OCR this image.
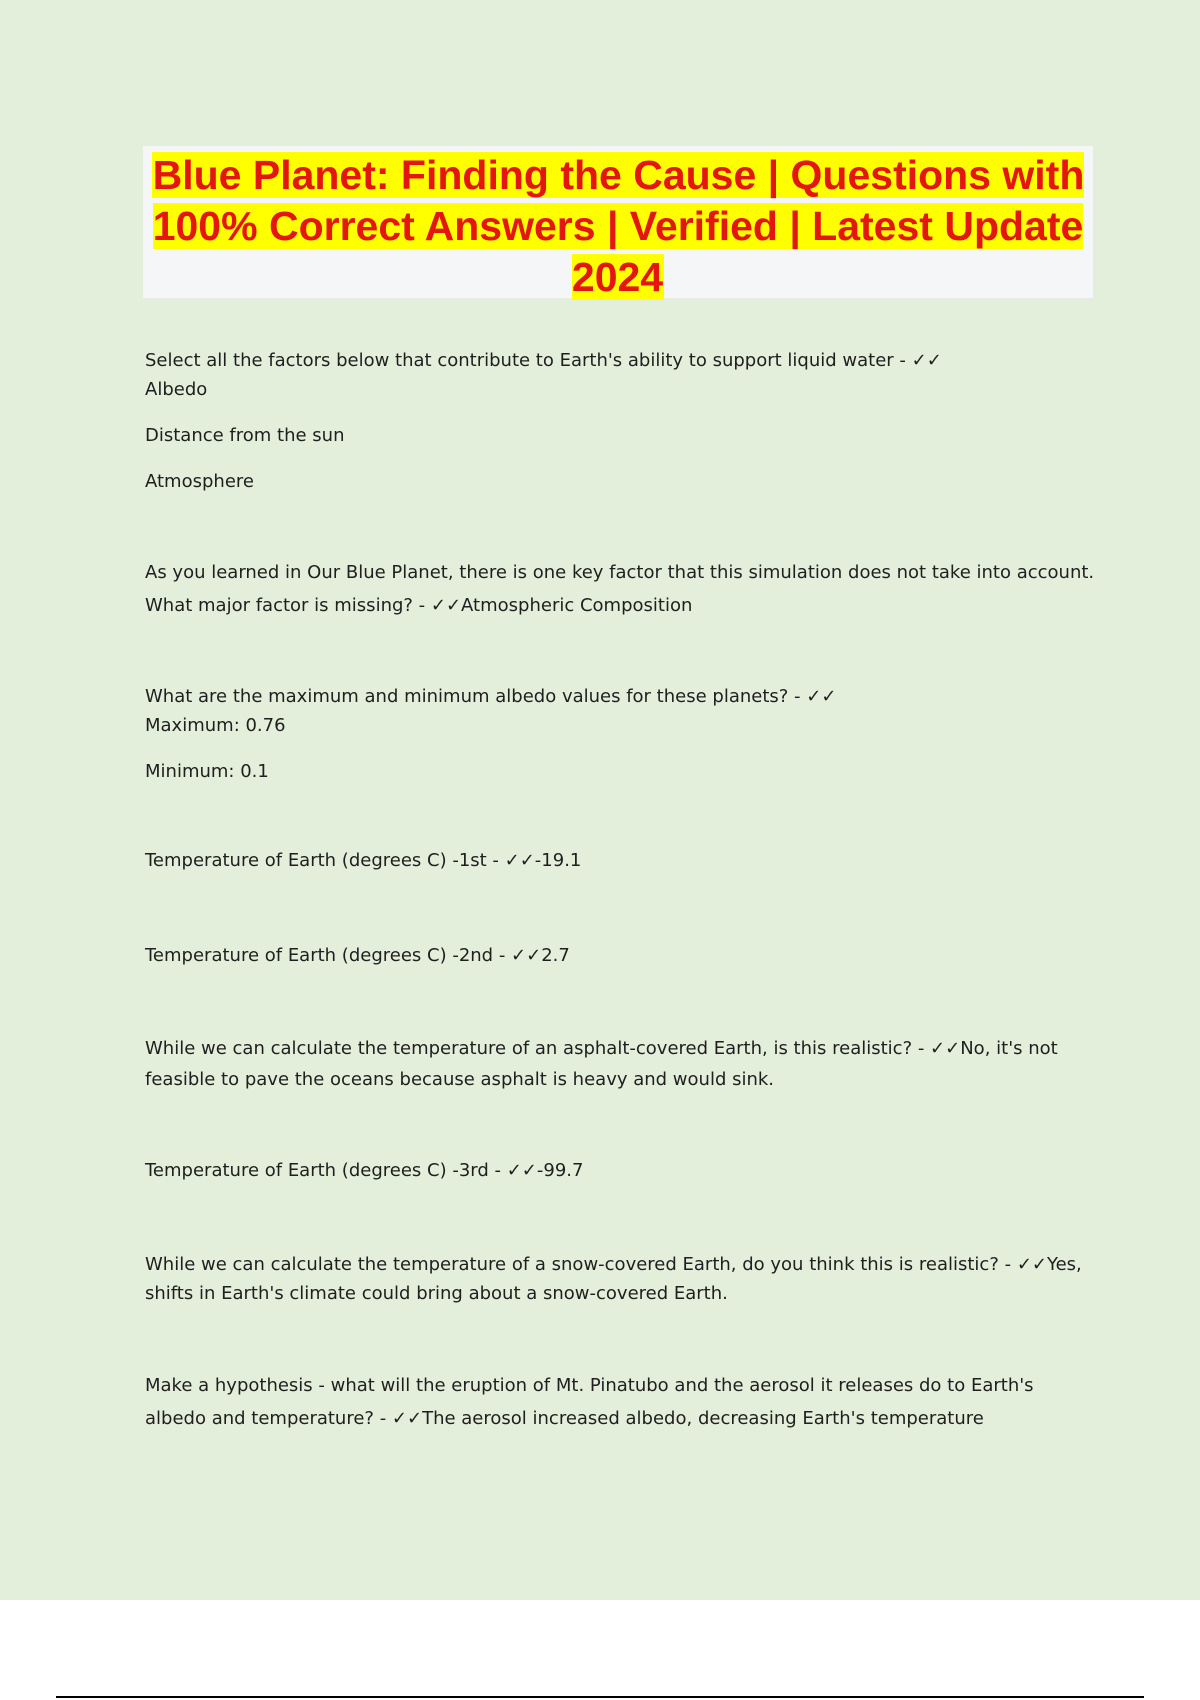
Blue Planet: Finding the Cause | Questions with 100% Correct Answers | Verified | Latest Update 2024
Select all the factors below that contribute to Earth's ability to support liquid water - ✓✓
Albedo
Distance from the sun
Atmosphere
As you learned in Our Blue Planet, there is one key factor that this simulation does not take into account. What major factor is missing? - ✓✓Atmospheric Composition
What are the maximum and minimum albedo values for these planets? - ✓✓
Maximum: 0.76
Minimum: 0.1
Temperature of Earth (degrees C) -1st - ✓✓-19.1
Temperature of Earth (degrees C) -2nd - ✓✓2.7
While we can calculate the temperature of an asphalt-covered Earth, is this realistic? - ✓✓No, it's not feasible to pave the oceans because asphalt is heavy and would sink.
Temperature of Earth (degrees C) -3rd - ✓✓-99.7
While we can calculate the temperature of a snow-covered Earth, do you think this is realistic? - ✓✓Yes, shifts in Earth's climate could bring about a snow-covered Earth.
Make a hypothesis - what will the eruption of Mt. Pinatubo and the aerosol it releases do to Earth's albedo and temperature? - ✓✓The aerosol increased albedo, decreasing Earth's temperature
